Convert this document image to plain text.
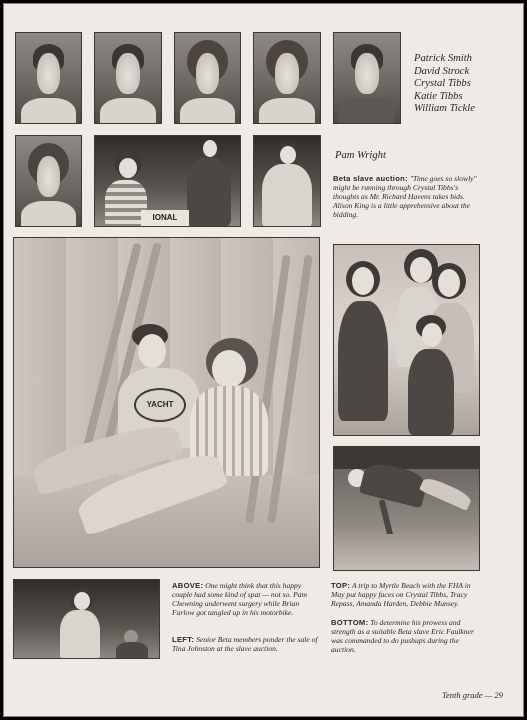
Patrick Smith
David Strock
Crystal Tibbs
Katie Tibbs
William Tickle
IONAL
Pam Wright
Beta slave auction: "Time goes so slowly" might be running through Crystal Tibbs's thoughts as Mr. Richard Havens takes bids. Alison King is a little apprehensive about the bidding.
YACHT
ABOVE: One might think that this happy couple had some kind of spat — not so. Pam Chewning underwent surgery while Brian Farlow got tangled up in his motorbike.
LEFT: Senior Beta members ponder the sale of Tina Johnston at the slave auction.
TOP: A trip to Myrtle Beach with the FHA in May put happy faces on Crystal Tibbs, Tracy Repass, Amanda Harden, Debbie Munsey.
BOTTOM: To determine his prowess and strength as a suitable Beta slave Eric Faulkner was commanded to do pushups during the auction.
Tenth grade — 29
